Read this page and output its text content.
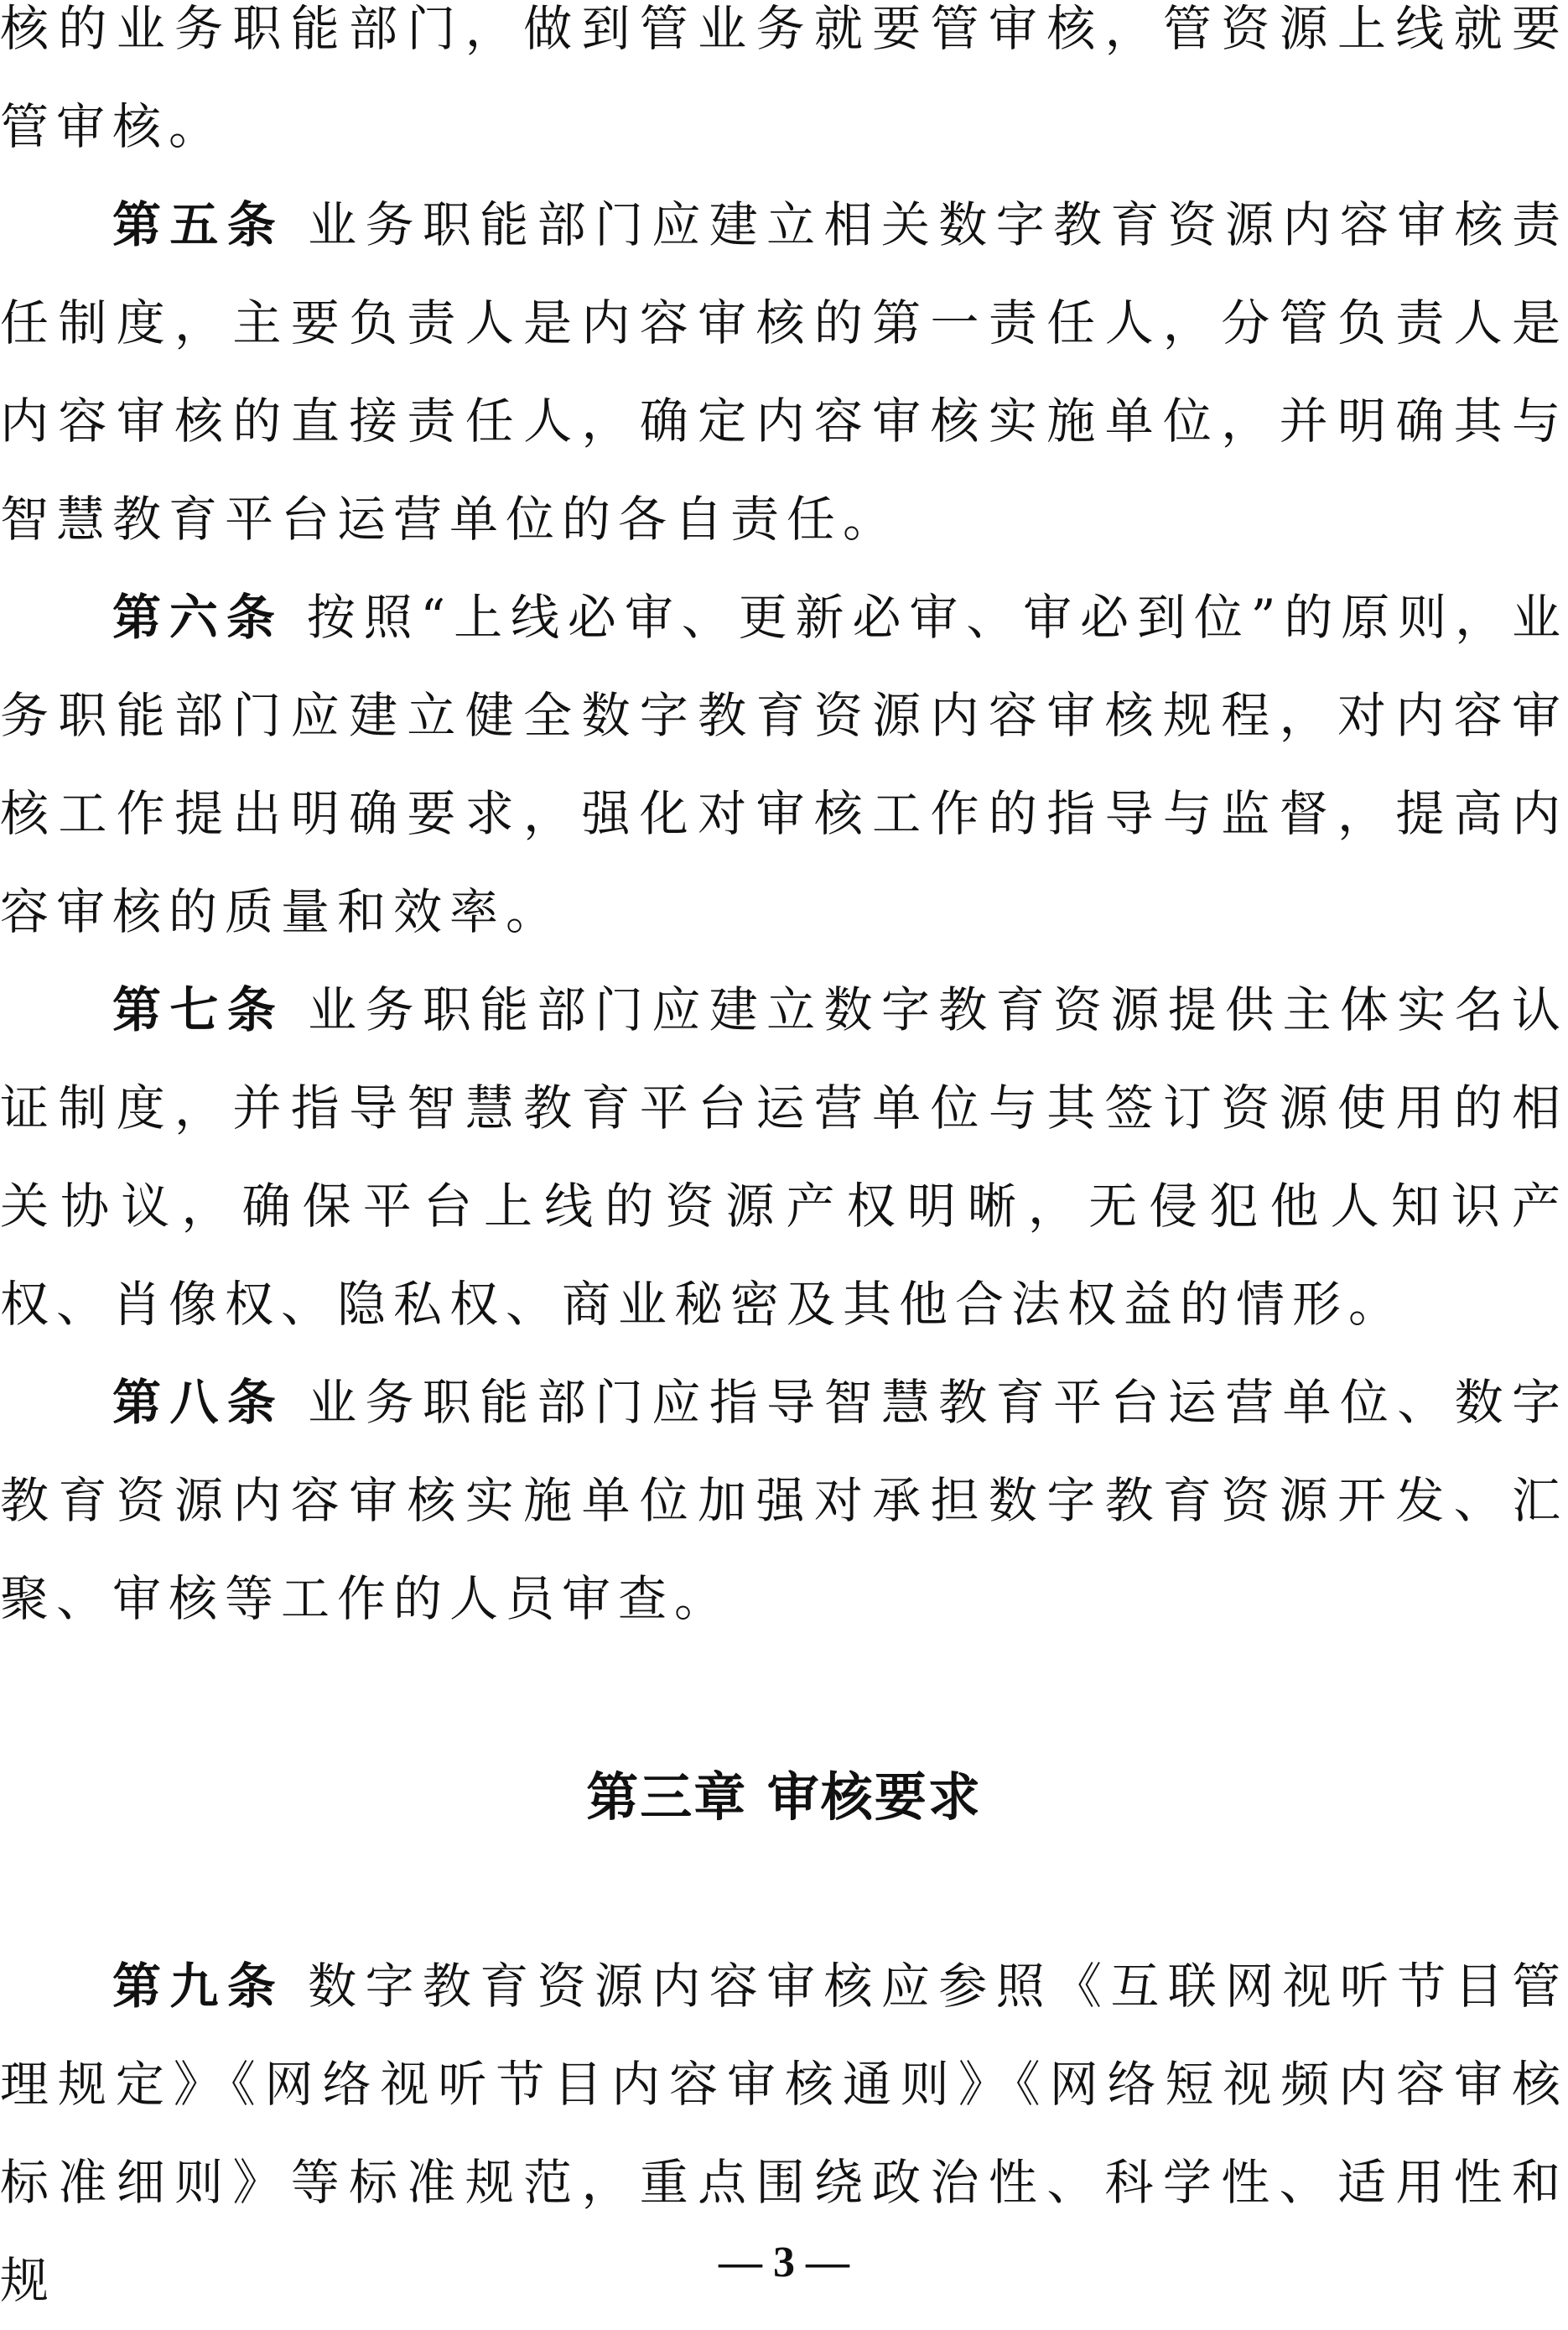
核的业务职能部门，做到管业务就要管审核，管资源上线就要管审核。

第五条 业务职能部门应建立相关数字教育资源内容审核责任制度，主要负责人是内容审核的第一责任人，分管负责人是内容审核的直接责任人，确定内容审核实施单位，并明确其与智慧教育平台运营单位的各自责任。

第六条 按照“上线必审、更新必审、审必到位”的原则，业务职能部门应建立健全数字教育资源内容审核规程，对内容审核工作提出明确要求，强化对审核工作的指导与监督，提高内容审核的质量和效率。

第七条 业务职能部门应建立数字教育资源提供主体实名认证制度，并指导智慧教育平台运营单位与其签订资源使用的相关协议，确保平台上线的资源产权明晰，无侵犯他人知识产权、肖像权、隐私权、商业秘密及其他合法权益的情形。

第八条 业务职能部门应指导智慧教育平台运营单位、数字教育资源内容审核实施单位加强对承担数字教育资源开发、汇聚、审核等工作的人员审查。

第三章 审核要求

第九条 数字教育资源内容审核应参照《互联网视听节目管理规定》《网络视听节目内容审核通则》《网络短视频内容审核标准细则》等标准规范，重点围绕政治性、科学性、适用性和规	— 3 —
